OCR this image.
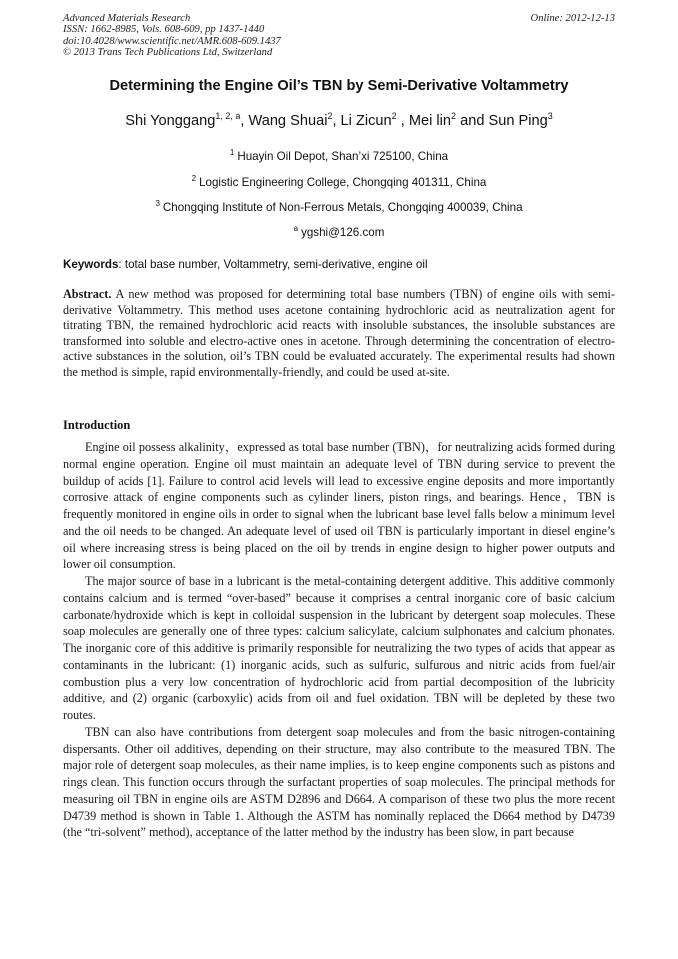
Advanced Materials Research
ISSN: 1662-8985, Vols. 608-609, pp 1437-1440
doi:10.4028/www.scientific.net/AMR.608-609.1437
© 2013 Trans Tech Publications Ltd, Switzerland
Online: 2012-12-13
Determining the Engine Oil’s TBN by Semi-Derivative Voltammetry
Shi Yonggang$^{1, 2, a}$, Wang Shuai$^2$, Li Zicun$^2$ , Mei lin$^2$ and Sun Ping$^3$
$^1$ Huayin Oil Depot, Shan’xi 725100, China
$^2$ Logistic Engineering College, Chongqing 401311, China
$^3$ Chongqing Institute of Non-Ferrous Metals, Chongqing 400039, China
$^a$ ygshi@126.com
Keywords: total base number, Voltammetry, semi-derivative, engine oil
Abstract. A new method was proposed for determining total base numbers (TBN) of engine oils with semi-derivative Voltammetry. This method uses acetone containing hydrochloric acid as neutralization agent for titrating TBN, the remained hydrochloric acid reacts with insoluble substances, the insoluble substances are transformed into soluble and electro-active ones in acetone. Through determining the concentration of electro-active substances in the solution, oil’s TBN could be evaluated accurately. The experimental results had shown the method is simple, rapid environmentally-friendly, and could be used at-site.
Introduction

Engine oil possess alkalinity，expressed as total base number (TBN)，for neutralizing acids formed during normal engine operation. Engine oil must maintain an adequate level of TBN during service to prevent the buildup of acids [1]. Failure to control acid levels will lead to excessive engine deposits and more importantly corrosive attack of engine components such as cylinder liners, piston rings, and bearings. Hence，TBN is frequently monitored in engine oils in order to signal when the lubricant base level falls below a minimum level and the oil needs to be changed. An adequate level of used oil TBN is particularly important in diesel engine’s oil where increasing stress is being placed on the oil by trends in engine design to higher power outputs and lower oil consumption.

The major source of base in a lubricant is the metal-containing detergent additive. This additive commonly contains calcium and is termed “over-based” because it comprises a central inorganic core of basic calcium carbonate/hydroxide which is kept in colloidal suspension in the lubricant by detergent soap molecules. These soap molecules are generally one of three types: calcium salicylate, calcium sulphonates and calcium phonates. The inorganic core of this additive is primarily responsible for neutralizing the two types of acids that appear as contaminants in the lubricant: (1) inorganic acids, such as sulfuric, sulfurous and nitric acids from fuel/air combustion plus a very low concentration of hydrochloric acid from partial decomposition of the lubricity additive, and (2) organic (carboxylic) acids from oil and fuel oxidation. TBN will be depleted by these two routes.

TBN can also have contributions from detergent soap molecules and from the basic nitrogen-containing dispersants. Other oil additives, depending on their structure, may also contribute to the measured TBN. The major role of detergent soap molecules, as their name implies, is to keep engine components such as pistons and rings clean. This function occurs through the surfactant properties of soap molecules. The principal methods for measuring oil TBN in engine oils are ASTM D2896 and D664. A comparison of these two plus the more recent D4739 method is shown in Table 1. Although the ASTM has nominally replaced the D664 method by D4739 (the “tri-solvent” method), acceptance of the latter method by the industry has been slow, in part because
